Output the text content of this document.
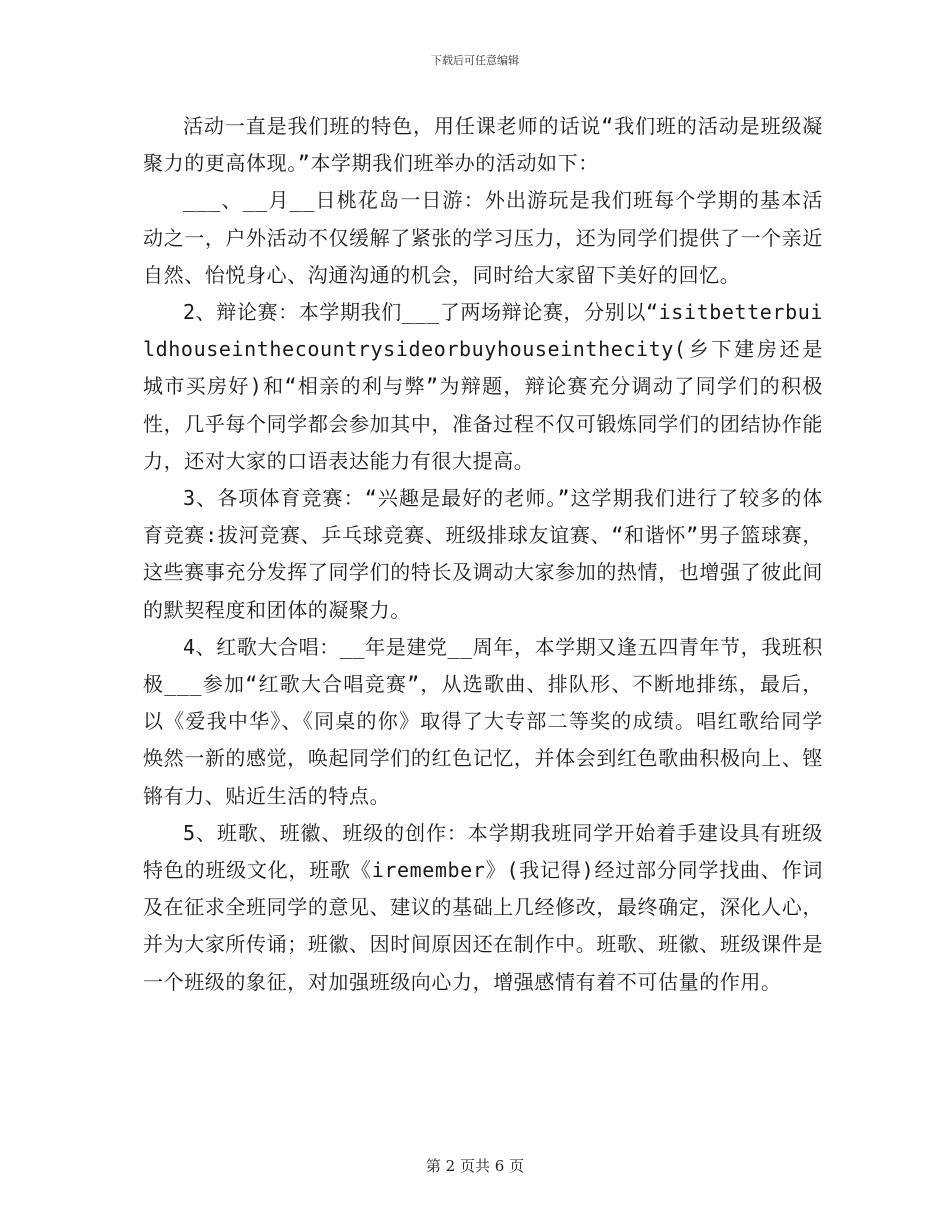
下载后可任意编辑

活动一直是我们班的特色，用任课老师的话说“我们班的活动是班级凝聚力的更高体现。”本学期我们班举办的活动如下：

___、__月__日桃花岛一日游：外出游玩是我们班每个学期的基本活动之一，户外活动不仅缓解了紧张的学习压力，还为同学们提供了一个亲近自然、怡悦身心、沟通沟通的机会，同时给大家留下美好的回忆。

2、辩论赛：本学期我们___了两场辩论赛，分别以“isitbetterbuildhouseinthecountrysideorbuyhouseinthecity(乡下建房还是城市买房好)和“相亲的利与弊”为辩题，辩论赛充分调动了同学们的积极性，几乎每个同学都会参加其中，准备过程不仅可锻炼同学们的团结协作能力，还对大家的口语表达能力有很大提高。

3、各项体育竞赛：“兴趣是最好的老师。”这学期我们进行了较多的体育竞赛:拔河竞赛、乒乓球竞赛、班级排球友谊赛、“和谐怀”男子篮球赛，这些赛事充分发挥了同学们的特长及调动大家参加的热情，也增强了彼此间的默契程度和团体的凝聚力。

4、红歌大合唱：__年是建党__周年，本学期又逢五四青年节，我班积极___参加“红歌大合唱竞赛”，从选歌曲、排队形、不断地排练，最后，以《爱我中华》、《同桌的你》取得了大专部二等奖的成绩。唱红歌给同学焕然一新的感觉，唤起同学们的红色记忆，并体会到红色歌曲积极向上、铿锵有力、贴近生活的特点。

5、班歌、班徽、班级的创作：本学期我班同学开始着手建设具有班级特色的班级文化，班歌《iremember》(我记得)经过部分同学找曲、作词及在征求全班同学的意见、建议的基础上几经修改，最终确定，深化人心，并为大家所传诵；班徽、因时间原因还在制作中。班歌、班徽、班级课件是一个班级的象征，对加强班级向心力，增强感情有着不可估量的作用。

第 2 页共 6 页
